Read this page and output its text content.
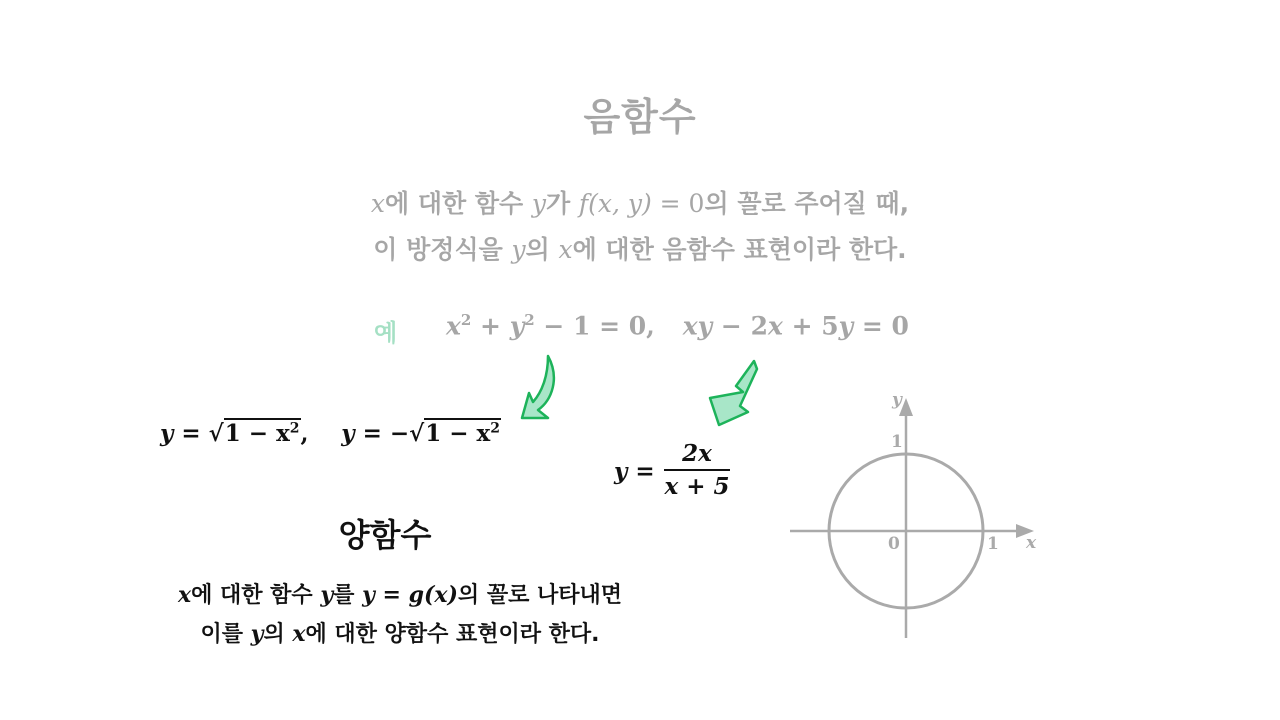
음함수
x에 대한 함수 y가 f(x, y) = 0의 꼴로 주어질 때,
이 방정식을 y의 x에 대한 음함수 표현이라 한다.
예 $x^2 + y^2 - 1 = 0$, xy − 2x + 5y = 0
$y = √1 - x^2$, $y = -√1 - x^2$
$y = \frac{2x}{x + 5}$
양함수
x에 대한 함수 y를 y = g(x)의 꼴로 나타내면
이를 y의 x에 대한 양함수 표현이라 한다.
y
x
0
1
1
